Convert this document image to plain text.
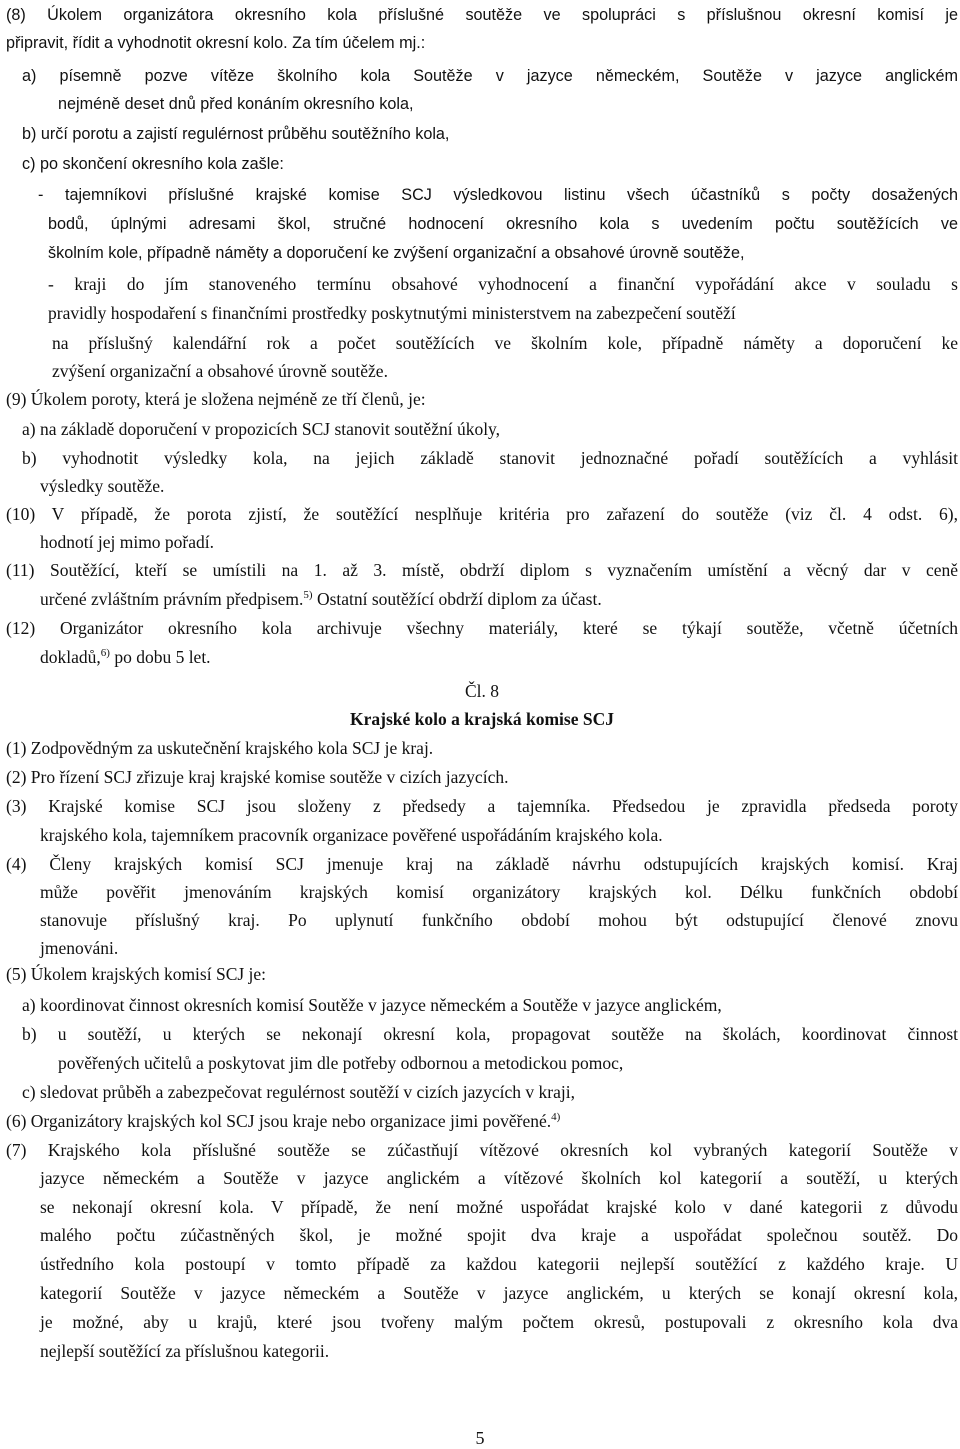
(8) Úkolem organizátora okresního kola příslušné soutěže ve spolupráci s příslušnou okresní komisí je
připravit, řídit a vyhodnotit okresní kolo. Za tím účelem mj.:
a) písemně pozve vítěze školního kola Soutěže v jazyce německém, Soutěže v jazyce anglickém
nejméně deset dnů před konáním okresního kola,
b) určí porotu a zajistí regulérnost průběhu soutěžního kola,
c) po skončení okresního kola zašle:
- tajemníkovi příslušné krajské komise SCJ výsledkovou listinu všech účastníků s počty dosažených
bodů, úplnými adresami škol, stručné hodnocení okresního kola s uvedením počtu soutěžících ve
školním kole, případně náměty a doporučení ke zvýšení organizační a obsahové úrovně soutěže,
- kraji do jím stanoveného termínu obsahové vyhodnocení a finanční vypořádání akce v souladu s
pravidly hospodaření s finančními prostředky poskytnutými ministerstvem na zabezpečení soutěží
na příslušný kalendářní rok a počet soutěžících ve školním kole, případně náměty a doporučení ke
zvýšení organizační a obsahové úrovně soutěže.
(9) Úkolem poroty, která je složena nejméně ze tří členů, je:
a) na základě doporučení v propozicích SCJ stanovit soutěžní úkoly,
b) vyhodnotit výsledky kola, na jejich základě stanovit jednoznačné pořadí soutěžících a vyhlásit
výsledky soutěže.
(10) V případě, že porota zjistí, že soutěžící nesplňuje kritéria pro zařazení do soutěže (viz čl. 4 odst. 6),
hodnotí jej mimo pořadí.
(11) Soutěžící, kteří se umístili na 1. až 3. místě, obdrží diplom s vyznačením umístění a věcný dar v ceně
určené zvláštním právním předpisem.$^{5)}$ Ostatní soutěžící obdrží diplom za účast.
(12) Organizátor okresního kola archivuje všechny materiály, které se týkají soutěže, včetně účetních
dokladů,$^{6)}$ po dobu 5 let.
Čl. 8
Krajské kolo a krajská komise SCJ
(1) Zodpovědným za uskutečnění krajského kola SCJ je kraj.
(2) Pro řízení SCJ zřizuje kraj krajské komise soutěže v cizích jazycích.
(3) Krajské komise SCJ jsou složeny z předsedy a tajemníka. Předsedou je zpravidla předseda poroty
krajského kola, tajemníkem pracovník organizace pověřené uspořádáním krajského kola.
(4) Členy krajských komisí SCJ jmenuje kraj na základě návrhu odstupujících krajských komisí. Kraj
může pověřit jmenováním krajských komisí organizátory krajských kol. Délku funkčních období
stanovuje příslušný kraj. Po uplynutí funkčního období mohou být odstupující členové znovu
jmenováni.
(5) Úkolem krajských komisí SCJ je:
a) koordinovat činnost okresních komisí Soutěže v jazyce německém a Soutěže v jazyce anglickém,
b) u soutěží, u kterých se nekonají okresní kola, propagovat soutěže na školách, koordinovat činnost
pověřených učitelů a poskytovat jim dle potřeby odbornou a metodickou pomoc,
c) sledovat průběh a zabezpečovat regulérnost soutěží v cizích jazycích v kraji,
(6) Organizátory krajských kol SCJ jsou kraje nebo organizace jimi pověřené.$^{4)}$
(7) Krajského kola příslušné soutěže se zúčastňují vítězové okresních kol vybraných kategorií Soutěže v
jazyce německém a Soutěže v jazyce anglickém a vítězové školních kol kategorií a soutěží, u kterých
se nekonají okresní kola. V případě, že není možné uspořádat krajské kolo v dané kategorii z důvodu
malého počtu zúčastněných škol, je možné spojit dva kraje a uspořádat společnou soutěž. Do
ústředního kola postoupí v tomto případě za každou kategorii nejlepší soutěžící z každého kraje. U
kategorií Soutěže v jazyce německém a Soutěže v jazyce anglickém, u kterých se konají okresní kola,
je možné, aby u krajů, které jsou tvořeny malým počtem okresů, postupovali z okresního kola dva
nejlepší soutěžící za příslušnou kategorii.
5
